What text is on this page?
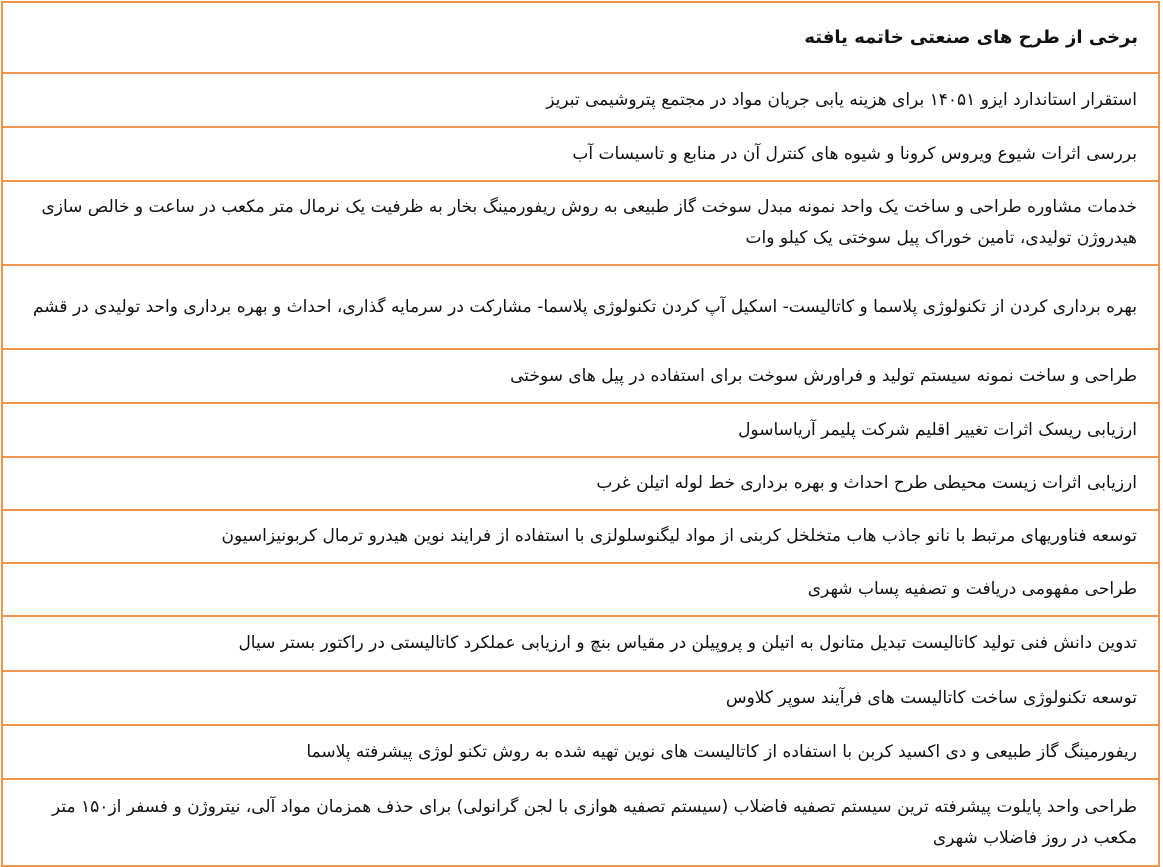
برخی از طرح های صنعتی خاتمه یافته
استقرار استاندارد ایزو ۱۴۰۵۱ برای هزینه یابی جریان مواد در مجتمع پتروشیمی تبریز
بررسی اثرات شیوع ویروس کرونا و شیوه های کنترل آن در منابع و تاسیسات آب
خدمات مشاوره طراحی و ساخت یک واحد نمونه مبدل سوخت گاز طبیعی به روش ریفورمینگ بخار به ظرفیت یک نرمال متر مکعب در ساعت و خالص سازی هیدروژن تولیدی، تامین خوراک پیل سوختی یک کیلو وات
بهره برداری کردن از تکنولوژی پلاسما و کاتالیست- اسکیل آپ کردن تکنولوژی پلاسما- مشارکت در سرمایه گذاری، احداث و بهره برداری واحد تولیدی در قشم
طراحی و ساخت نمونه سیستم تولید و فراورش سوخت برای استفاده در پیل های سوختی
ارزیابی ریسک اثرات تغییر اقلیم شرکت پلیمر آریاساسول
ارزیابی اثرات زیست محیطی طرح احداث و بهره برداری خط لوله اتیلن غرب
توسعه فناوریهای مرتبط با نانو جاذب هاب متخلخل کربنی از مواد لیگنوسلولزی با استفاده از فرایند نوین هیدرو ترمال کربونیزاسیون
طراحی مفهومی دریافت و تصفیه پساب شهری
تدوین دانش فنی تولید کاتالیست تبدیل متانول به اتیلن و پروپیلن در مقیاس بنچ و ارزیابی عملکرد کاتالیستی در راکتور بستر سیال
توسعه تکنولوژی ساخت کاتالیست های فرآیند سوپر کلاوس
ریفورمینگ گاز طبیعی و دی اکسید کربن با استفاده از کاتالیست های نوین تهیه شده به روش تکنو لوژی پیشرفته پلاسما
طراحی واحد پایلوت پیشرفته ترین سیستم تصفیه فاضلاب (سیستم تصفیه هوازی با لجن گرانولی) برای حذف همزمان مواد آلی، نیتروژن و فسفر از۱۵۰ متر مکعب در روز فاضلاب شهری
